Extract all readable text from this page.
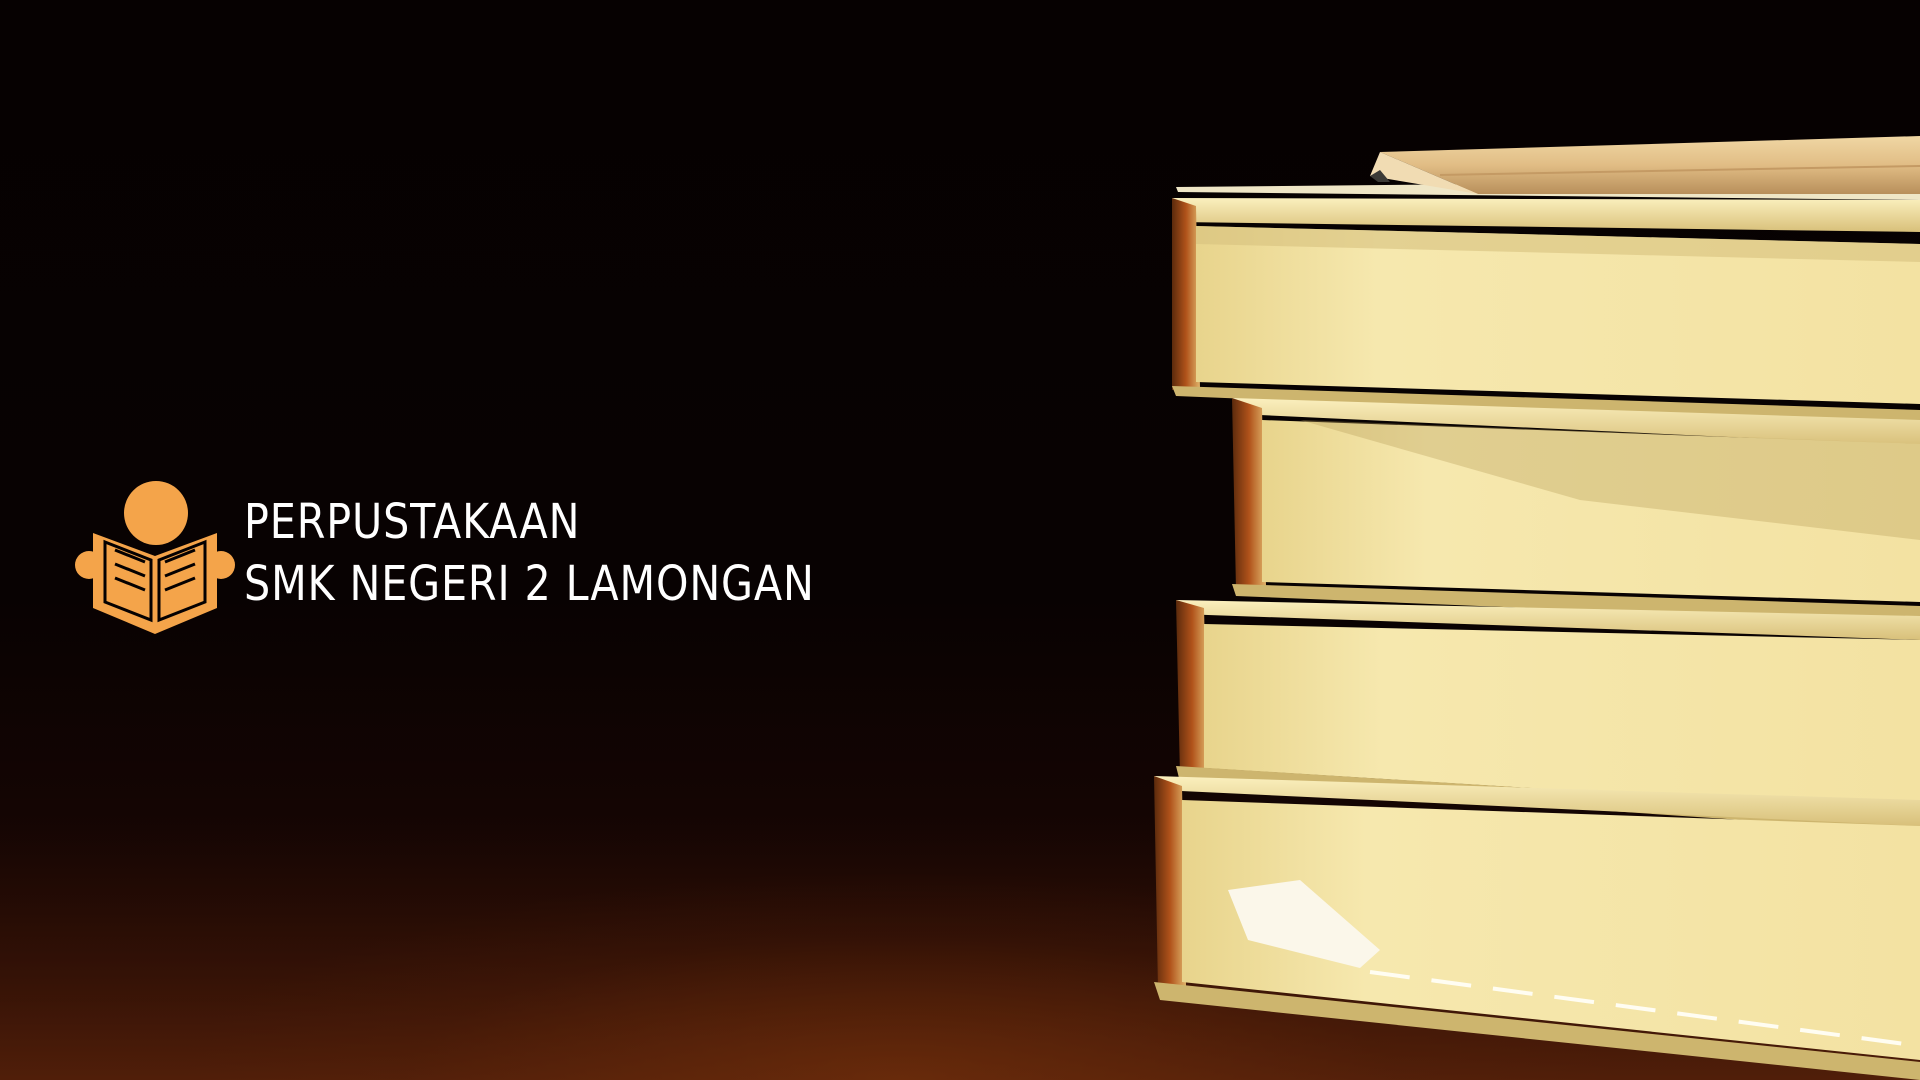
PERPUSTAKAAN
SMK NEGERI 2 LAMONGAN
